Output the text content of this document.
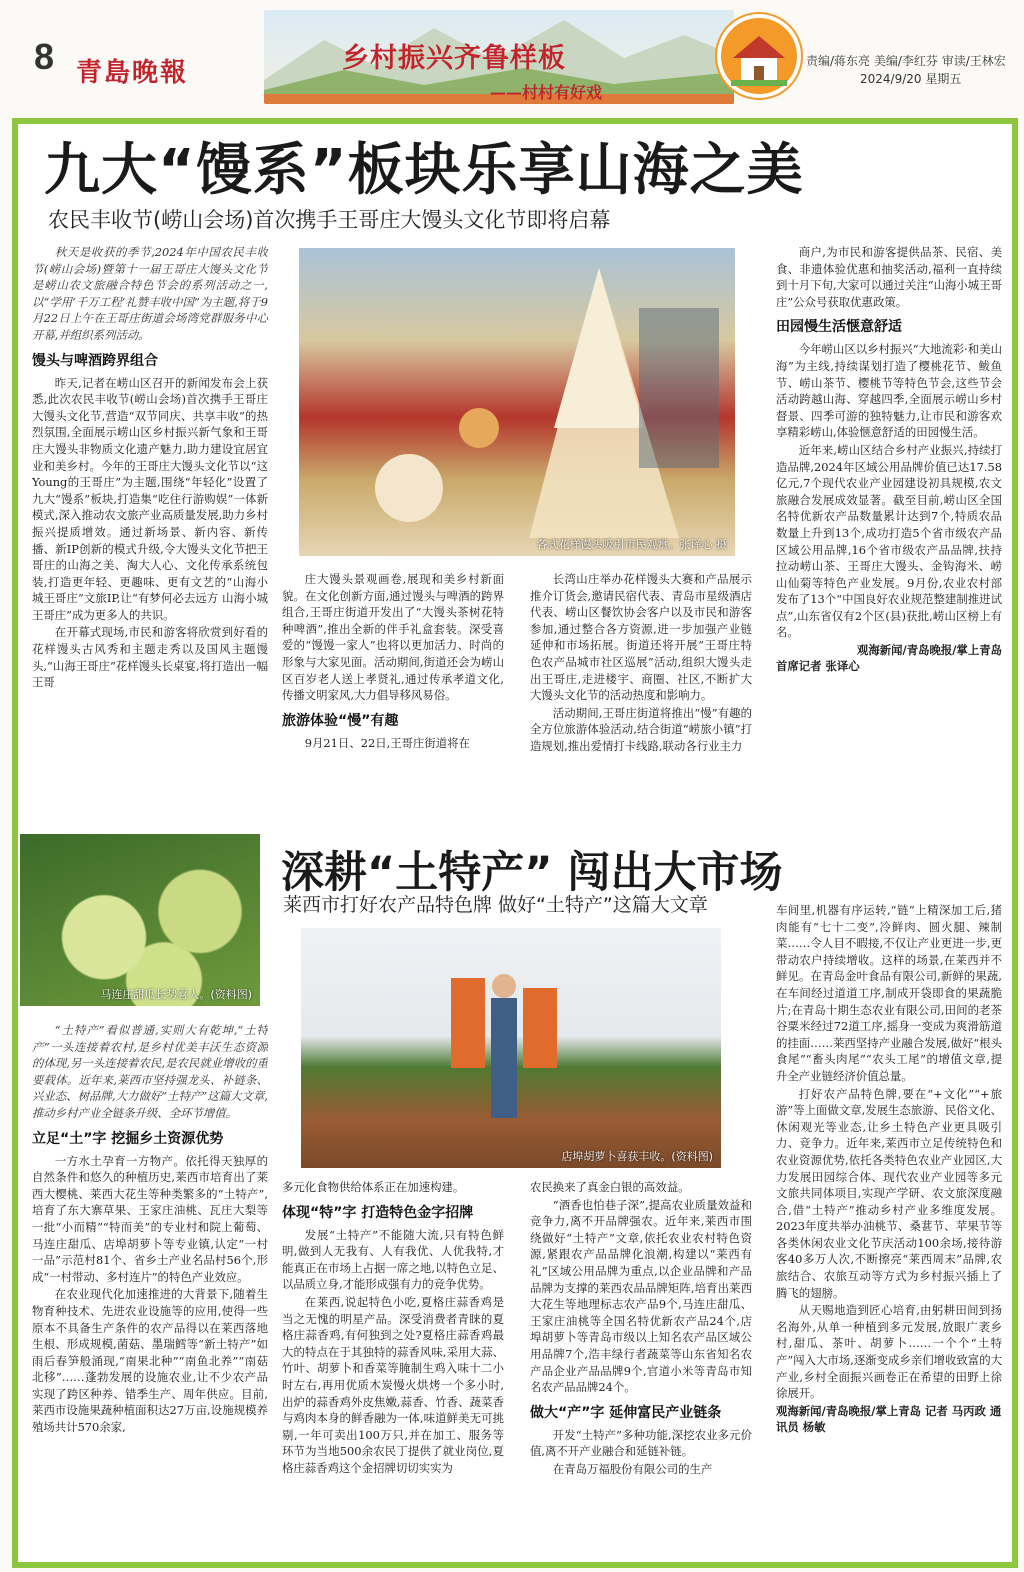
8 青島晚報	乡村振兴齐鲁样板
——村村有好戏
责编/蒋东亮 美编/李红芬 审读/王林宏
2024/9/20 星期五
九大“馒系”板块乐享山海之美
农民丰收节(崂山会场)首次携手王哥庄大馒头文化节即将启幕

秋天是收获的季节,2024年中国农民丰收节(崂山会场)暨第十一届王哥庄大馒头文化节是崂山农文旅融合特色节会的系列活动之一,以“学用‘千万工程’礼赞丰收中国”为主题,将于9月22日上午在王哥庄街道会场湾党群服务中心开幕,并组织系列活动。

馒头与啤酒跨界组合

昨天,记者在崂山区召开的新闻发布会上获悉,此次农民丰收节(崂山会场)首次携手王哥庄大馒头文化节,营造“双节同庆、共享丰收”的热烈氛围,全面展示崂山区乡村振兴新气象和王哥庄大馒头非物质文化遗产魅力,助力建设宜居宜业和美乡村。今年的王哥庄大馒头文化节以“这Young的王哥庄”为主题,围绕“年轻化”设置了九大“馒系”板块,打造集“吃住行游购娱”一体新模式,深入推动农文旅产业高质量发展,助力乡村振兴提质增效。通过新场景、新内容、新传播、新IP创新的模式升级,令大馒头文化节把王哥庄的山海之美、淘大人心、文化传承系统包装,打造更年轻、更趣味、更有文艺的“山海小城王哥庄”文旅IP,让“有梦何必去远方 山海小城王哥庄”成为更多人的共识。

在开幕式现场,市民和游客将欣赏到好看的花样馒头古风秀和主题走秀以及国风主题馒头,“山海王哥庄”花样馒头长桌宴,将打造出一幅王哥

各式花样馒头吸引市民观赏。张译心 摄

庄大馒头景观画卷,展现和美乡村新面貌。在文化创新方面,通过馒头与啤酒的跨界组合,王哥庄街道开发出了“大馒头茶树花特种啤酒”,推出全新的伴手礼盒套装。深受喜爱的“馒馒一家人”也将以更加活力、时尚的形象与大家见面。活动期间,街道还会为崂山区百岁老人送上孝贤礼,通过传承孝道文化,传播文明家风,大力倡导移风易俗。

旅游体验“慢”有趣

9月21日、22日,王哥庄街道将在

长湾山庄举办花样馒头大赛和产品展示推介订货会,邀请民宿代表、青岛市星级酒店代表、崂山区餐饮协会客户以及市民和游客参加,通过整合各方资源,进一步加强产业链延伸和市场拓展。街道还将开展“王哥庄特色农产品城市社区巡展”活动,组织大馒头走出王哥庄,走进楼宇、商圈、社区,不断扩大大馒头文化节的活动热度和影响力。

活动期间,王哥庄街道将推出“慢”有趣的全方位旅游体验活动,结合街道“崂旅小镇”打造规划,推出爱情打卡线路,联动各行业主力

商户,为市民和游客提供品茶、民宿、美食、非遗体验优惠和抽奖活动,福利一直持续到十月下旬,大家可以通过关注“山海小城王哥庄”公众号获取优惠政策。

田园慢生活惬意舒适

今年崂山区以乡村振兴“大地流彩·和美山海”为主线,持续谋划打造了樱桃花节、鲅鱼节、崂山茶节、樱桃节等特色节会,这些节会活动跨越山海、穿越四季,全面展示崂山乡村督景、四季可游的独特魅力,让市民和游客欢享精彩崂山,体验惬意舒适的田园慢生活。

近年来,崂山区结合乡村产业振兴,持续打造品牌,2024年区域公用品牌价值已达17.58亿元,7个现代农业产业园建设初具规模,农文旅融合发展成效显著。截至目前,崂山区全国名特优新农产品数量累计达到7个,特质农品数量上升到13个,成功打造5个省市级农产品区域公用品牌,16个省市级农产品品牌,扶持拉动崂山茶、王哥庄大馒头、金钩海米、崂山仙菊等特色产业发展。9月份,农业农村部发布了13个“中国良好农业规范整建制推进试点”,山东省仅有2个区(县)获批,崂山区榜上有名。

观海新闻/青岛晚报/掌上青岛
首席记者 张译心
马连庄甜瓜长势喜人。(资料图)
深耕“土特产” 闯出大市场
莱西市打好农产品特色牌 做好“土特产”这篇大文章

“土特产”看似普通,实则大有乾坤,“土特产”一头连接着农村,是乡村优美丰沃生态资源的体现,另一头连接着农民,是农民就业增收的重要载体。近年来,莱西市坚持强龙头、补链条、兴业态、树品牌,大力做好“土特产”这篇大文章,推动乡村产业全链条升级、全环节增值。

立足“土”字 挖掘乡土资源优势

一方水土孕育一方物产。依托得天独厚的自然条件和悠久的种植历史,莱西市培育出了莱西大樱桃、莱西大花生等种类繁多的“土特产”,培育了东大寨草果、王家庄油桃、瓦庄大梨等一批“小而精”“特而美”的专业村和院上葡萄、马连庄甜瓜、店埠胡萝卜等专业镇,认定“一村一品”示范村81个、省乡土产业名品村56个,形成“一村带动、多村连片”的特色产业效应。

在农业现代化加速推进的大背景下,随着生物育种技术、先进农业设施等的应用,使得一些原本不具备生产条件的农产品得以在莱西落地生根、形成规模,菌菇、墨瑞鳕等“新土特产”如雨后春笋般涌现,“南果北种”“南鱼北养”“南菇北移”……蓬勃发展的设施农业,让不少农产品实现了跨区种养、错季生产、周年供应。目前,莱西市设施果蔬种植面积达27万亩,设施规模养殖场共计570余家,

店埠胡萝卜喜获丰收。(资料图)

多元化食物供给体系正在加速构建。

体现“特”字 打造特色金字招牌

发展“土特产”不能随大流,只有特色鲜明,做到人无我有、人有我优、人优我特,才能真正在市场上占据一席之地,以特色立足、以品质立身,才能形成强有力的竞争优势。

在莱西,说起特色小吃,夏格庄蒜香鸡是当之无愧的明星产品。深受消费者青睐的夏格庄蒜香鸡,有何独到之处?夏格庄蒜香鸡最大的特点在于其独特的蒜香风味,采用大蒜、竹叶、胡萝卜和香菜等腌制生鸡入味十二小时左右,再用优质木炭慢火烘烤一个多小时,出炉的蒜香鸡外皮焦嫩,蒜香、竹香、蔬菜香与鸡肉本身的鲜香融为一体,味道鲜美无可挑剔,一年可卖出100万只,并在加工、服务等环节为当地500余农民丁提供了就业岗位,夏格庄蒜香鸡这个金招牌切切实实为

农民换来了真金白银的高效益。

“酒香也怕巷子深”,提高农业质量效益和竞争力,离不开品牌强农。近年来,莱西市围绕做好“土特产”文章,依托农业农村特色资源,紧跟农产品品牌化浪潮,构建以“莱西有礼”区域公用品牌为重点,以企业品牌和产品品牌为支撑的莱西农品品牌矩阵,培育出莱西大花生等地理标志农产品9个,马连庄甜瓜、王家庄油桃等全国名特优新农产品24个,店埠胡萝卜等青岛市级以上知名农产品区域公用品牌7个,浩丰绿行者蔬菜等山东省知名农产品企业产品品牌9个,官道小米等青岛市知名农产品品牌24个。

做大“产”字 延伸富民产业链条

开发“土特产”多种功能,深挖农业多元价值,离不开产业融合和延链补链。

在青岛万福股份有限公司的生产

车间里,机器有序运转,“链”上精深加工后,猪肉能有“七十二变”,冷鲜肉、圆火腿、辣制菜……令人目不暇接,不仅让产业更进一步,更带动农户持续增收。这样的场景,在莱西并不鲜见。在青岛金叶食品有限公司,新鲜的果蔬,在车间经过道道工序,制成开袋即食的果蔬脆片;在青岛十期生态农业有限公司,田间的老茶谷粟米经过72道工序,摇身一变成为爽滑筋道的挂面……莱西坚持产业融合发展,做好“根头食尾”“畜头肉尾”“农头工尾”的增值文章,提升全产业链经济价值总量。

打好农产品特色牌,要在“+文化”“+旅游”等上面做文章,发展生态旅游、民俗文化、休闲观光等业态,让乡土特色产业更具吸引力、竞争力。近年来,莱西市立足传统特色和农业资源优势,依托各类特色农业产业园区,大力发展田园综合体、现代农业产业园等多元文旅共同体项目,实现产学研、农文旅深度融合,借“土特产”推动乡村产业多维度发展。2023年度共举办油桃节、桑葚节、苹果节等各类休闲农业文化节庆活动100余场,接待游客40多万人次,不断擦亮“莱西周末”品牌,农旅结合、农旅互动等方式为乡村振兴插上了腾飞的翅膀。

从天赐地造到匠心培育,由躬耕田间到扬名海外,从单一种植到多元发展,放眼广袤乡村,甜瓜、茶叶、胡萝卜……一个个“土特产”闯入大市场,逐渐变成乡亲们增收致富的大产业,乡村全面振兴画卷正在希望的田野上徐徐展开。

观海新闻/青岛晚报/掌上青岛 记者 马丙政 通讯员 杨敏
